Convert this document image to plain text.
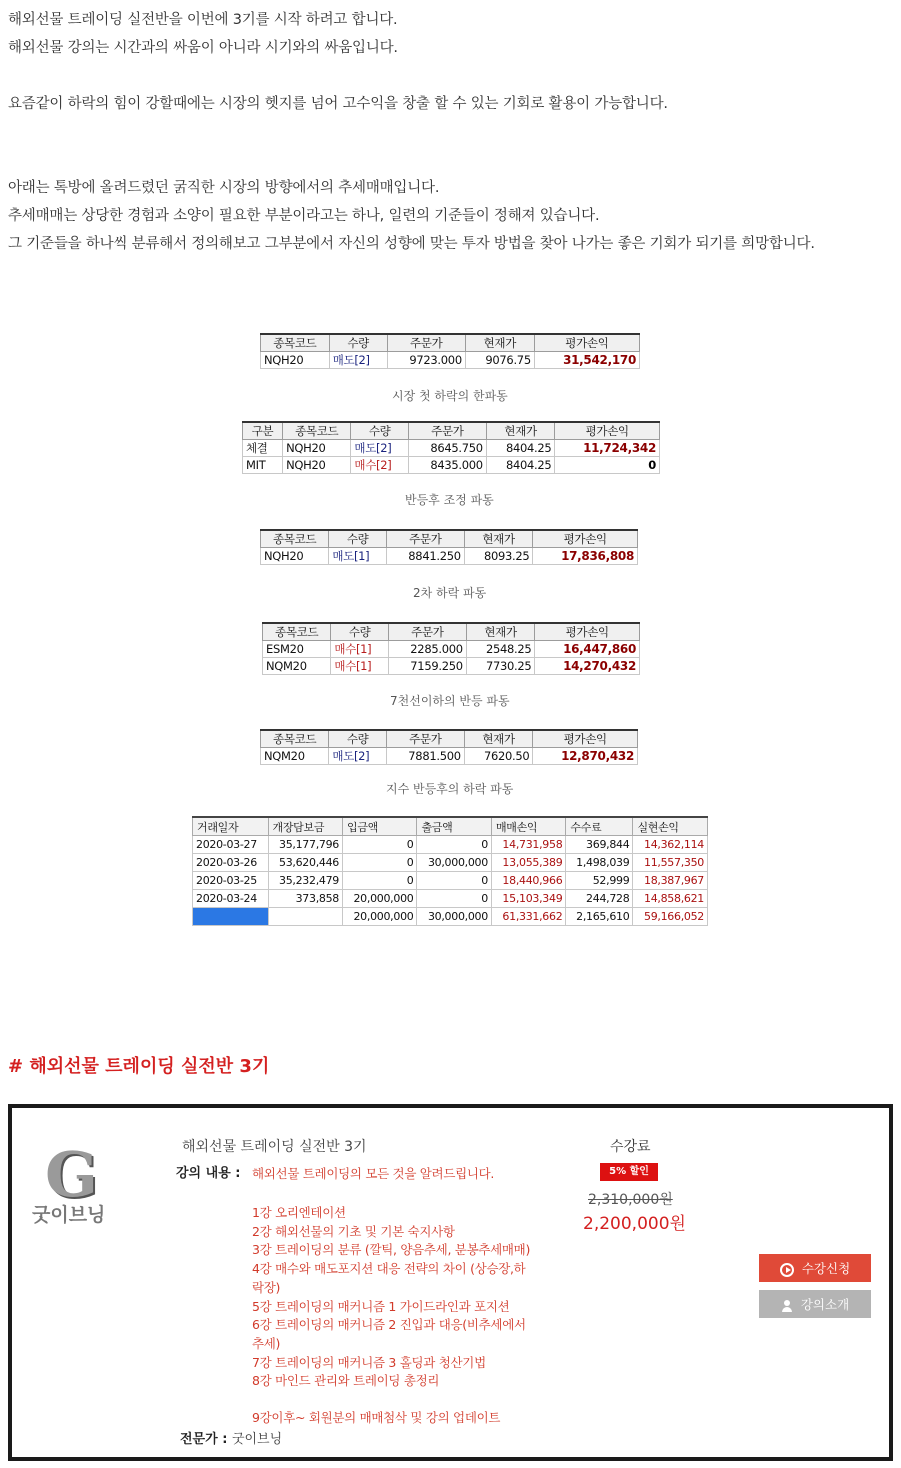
해외선물 트레이딩 실전반을 이번에 3기를 시작 하려고 합니다.
해외선물 강의는 시간과의 싸움이 아니라 시기와의 싸움입니다.
요즘같이 하락의 힘이 강할때에는 시장의 헷지를 넘어 고수익을 창출 할 수 있는 기회로 활용이 가능합니다.
아래는 톡방에 올려드렸던 굵직한 시장의 방향에서의 추세매매입니다.
추세매매는 상당한 경험과 소양이 필요한 부분이라고는 하나, 일련의 기준들이 정해져 있습니다.
그 기준들을 하나씩 분류해서 정의해보고 그부분에서 자신의 성향에 맞는 투자 방법을 찾아 나가는 좋은 기회가 되기를 희망합니다.
종목코드	수량	주문가	현재가	평가손익
NQH20	매도[2]	9723.000	9076.75	31,542,170
시장 첫 하락의 한파동
구분	종목코드	수량	주문가	현재가	평가손익
체결	NQH20	매도[2]	8645.750	8404.25	11,724,342
MIT	NQH20	매수[2]	8435.000	8404.25	0
반등후 조정 파동
종목코드	수량	주문가	현재가	평가손익
NQH20	매도[1]	8841.250	8093.25	17,836,808
2차 하락 파동
종목코드	수량	주문가	현재가	평가손익
ESM20	매수[1]	2285.000	2548.25	16,447,860
NQM20	매수[1]	7159.250	7730.25	14,270,432
7천선이하의 반등 파동
종목코드	수량	주문가	현재가	평가손익
NQM20	매도[2]	7881.500	7620.50	12,870,432
지수 반등후의 하락 파동
거래일자	개장담보금	입금액	출금액	매매손익	수수료	실현손익
2020-03-27	35,177,796	0	0	14,731,958	369,844	14,362,114
2020-03-26	53,620,446	0	30,000,000	13,055,389	1,498,039	11,557,350
2020-03-25	35,232,479	0	0	18,440,966	52,999	18,387,967
2020-03-24	373,858	20,000,000	0	15,103,349	244,728	14,858,621
		20,000,000	30,000,000	61,331,662	2,165,610	59,166,052
# 해외선물 트레이딩 실전반 3기
G
굿이브닝
해외선물 트레이딩 실전반 3기
강의 내용 : 해외선물 트레이딩의 모든 것을 알려드립니다.
1강 오리엔테이션
2강 해외선물의 기초 및 기본 숙지사항
3강 트레이딩의 분류 (깔틱, 양음추세, 분봉추세매매)
4강 매수와 매도포지션 대응 전략의 차이 (상승장,하락장)
5강 트레이딩의 매커니즘 1 가이드라인과 포지션
6강 트레이딩의 매커니즘 2 진입과 대응(비추세에서 추세)
7강 트레이딩의 매커니즘 3 홀딩과 청산기법
8강 마인드 관리와 트레이딩 총정리
9강이후~ 회원분의 매매첨삭 및 강의 업데이트
전문가 : 굿이브닝
수강료
5% 할인
2,310,000원
2,200,000원
수강신청
강의소개
